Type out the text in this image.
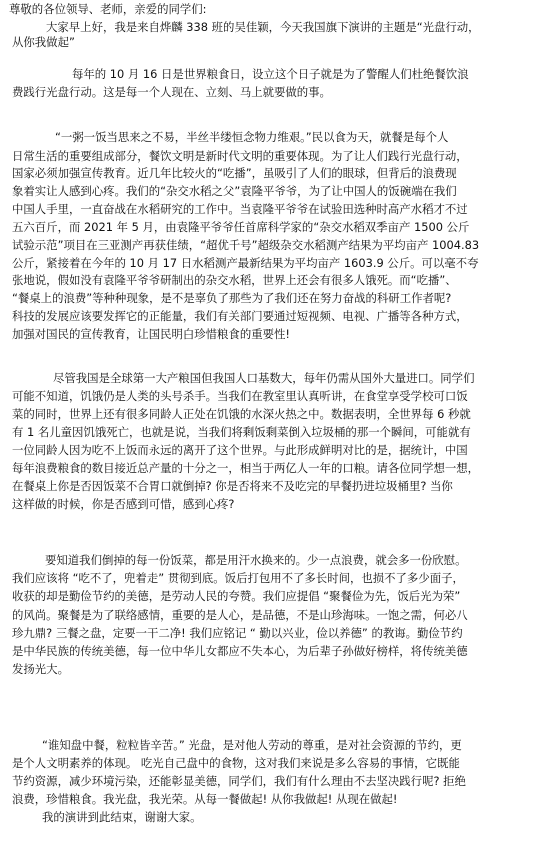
尊敬的各位领导、老师，亲爱的同学们:
大家早上好，我是来自烨麟 338 班的吴佳颖，今天我国旗下演讲的主题是“光盘行动，
从你我做起”
每年的 10 月 16 日是世界粮食日，设立这个日子就是为了警醒人们杜绝餐饮浪
费践行光盘行动。这是每一个人现在、立刻、马上就要做的事。
“一粥一饭当思来之不易，半丝半缕恒念物力维艰。”民以食为天，就餐是每个人
日常生活的重要组成部分，餐饮文明是新时代文明的重要体现。为了让人们践行光盘行动，
国家必须加强宣传教育。近几年比较火的“吃播”，虽吸引了人们的眼球，但背后的浪费现
象着实让人感到心疼。我们的“杂交水稻之父”袁隆平爷爷，为了让中国人的饭碗端在我们
中国人手里，一直奋战在水稻研究的工作中。当袁隆平爷爷在试验田选种时高产水稻才不过
五六百斤，而 2021 年 5 月，由袁隆平爷爷任首席科学家的“杂交水稻双季亩产 1500 公斤
试验示范”项目在三亚测产再获佳绩，“超优千号”超级杂交水稻测产结果为平均亩产 1004.83
公斤，紧接着在今年的 10 月 17 日水稻测产最新结果为平均亩产 1603.9 公斤。可以毫不夸
张地说，假如没有袁隆平爷爷研制出的杂交水稻，世界上还会有很多人饿死。而“吃播”、
“餐桌上的浪费”等种种现象，是不是辜负了那些为了我们还在努力奋战的科研工作者呢?
科技的发展应该要发挥它的正能量，我们有关部门要通过短视频、电视、广播等各种方式，
加强对国民的宣传教育，让国民明白珍惜粮食的重要性!
尽管我国是全球第一大产粮国但我国人口基数大，每年仍需从国外大量进口。同学们
可能不知道，饥饿仍是人类的头号杀手。当我们在教室里认真听讲，在食堂享受学校可口饭
菜的同时，世界上还有很多同龄人正处在饥饿的水深火热之中。数据表明，全世界每 6 秒就
有 1 名儿童因饥饿死亡，也就是说，当我们将剩饭剩菜倒入垃圾桶的那一个瞬间，可能就有
一位同龄人因为吃不上饭而永远的离开了这个世界。与此形成鲜明对比的是，据统计，中国
每年浪费粮食的数目接近总产量的十分之一，相当于两亿人一年的口粮。请各位同学想一想，
在餐桌上你是否因饭菜不合胃口就倒掉? 你是否将来不及吃完的早餐扔进垃圾桶里? 当你
这样做的时候，你是否感到可惜，感到心疼?
要知道我们倒掉的每一份饭菜，都是用汗水换来的。少一点浪费，就会多一份欣慰。
我们应该将 “吃不了，兜着走” 贯彻到底。饭后打包用不了多长时间，也损不了多少面子，
收获的却是勤俭节约的美德，是劳动人民的夸赞。我们应提倡 “聚餐俭为先，饭后光为荣”
的风尚。聚餐是为了联络感情，重要的是人心，是品德，不是山珍海味。一饱之需，何必八
珍九鼎? 三餐之盘，定要一干二净! 我们应铭记 “ 勤以兴业，俭以养德” 的教诲。勤俭节约
是中华民族的传统美德，每一位中华儿女都应不失本心，为后辈子孙做好榜样，将传统美德
发扬光大。
“谁知盘中餐，粒粒皆辛苦。” 光盘，是对他人劳动的尊重，是对社会资源的节约，更
是个人文明素养的体现。 吃光自己盘中的食物，这对我们来说是多么容易的事情，它既能
节约资源，减少环境污染，还能彰显美德，同学们，我们有什么理由不去坚决践行呢? 拒绝
浪费，珍惜粮食。我光盘，我光荣。从每一餐做起! 从你我做起! 从现在做起!
我的演讲到此结束，谢谢大家。
